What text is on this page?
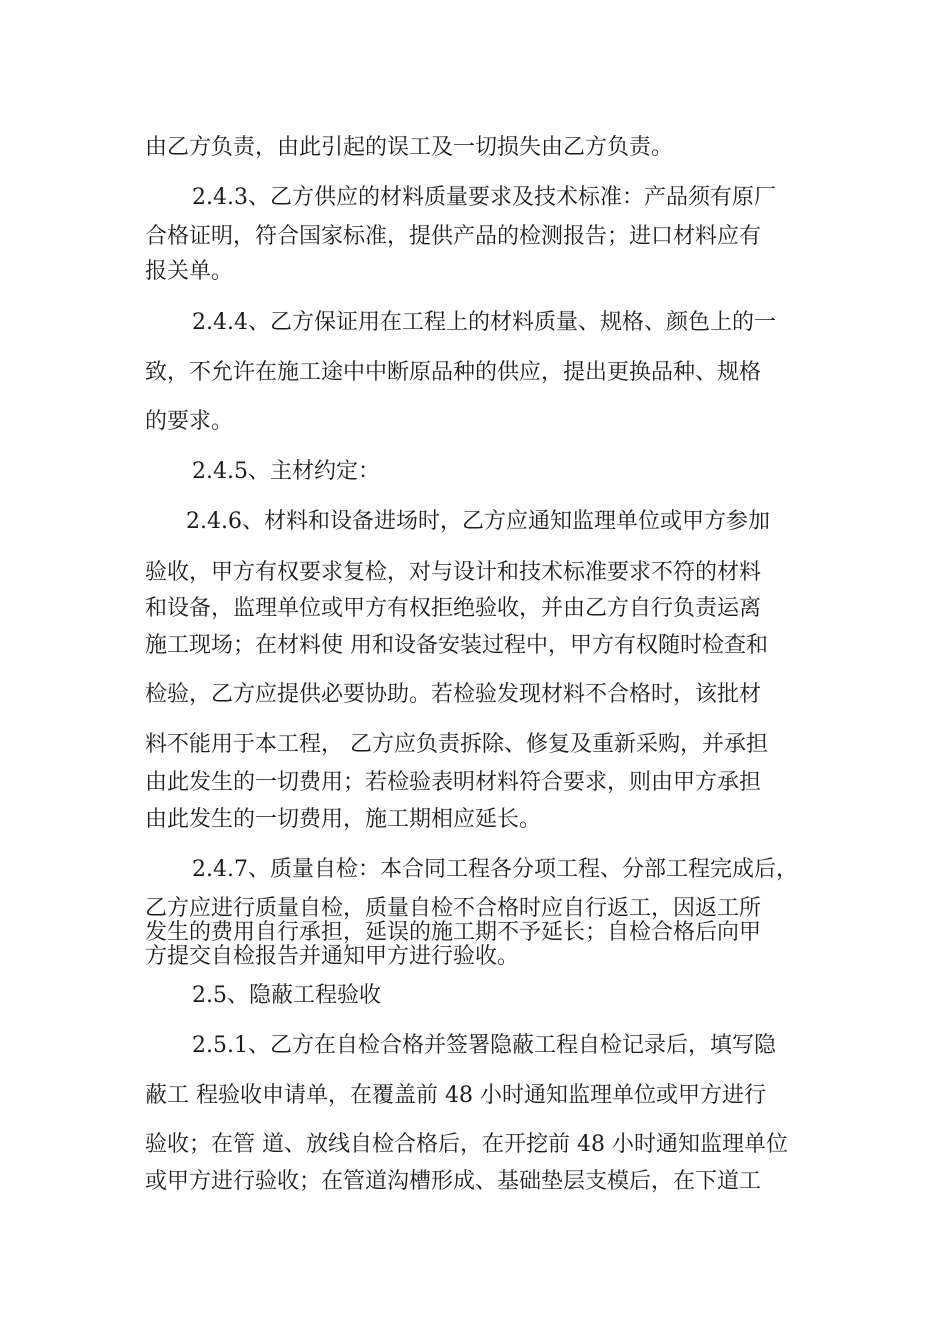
由乙方负责，由此引起的误工及一切损失由乙方负责。
2.4.3、乙方供应的材料质量要求及技术标准：产品须有原厂
合格证明，符合国家标准，提供产品的检测报告；进口材料应有
报关单。
2.4.4、乙方保证用在工程上的材料质量、规格、颜色上的一
致，不允许在施工途中中断原品种的供应，提出更换品种、规格
的要求。
2.4.5、主材约定：
2.4.6、材料和设备进场时，乙方应通知监理单位或甲方参加
验收，甲方有权要求复检，对与设计和技术标准要求不符的材料
和设备，监理单位或甲方有权拒绝验收，并由乙方自行负责运离
施工现场；在材料使 用和设备安装过程中，甲方有权随时检查和
检验，乙方应提供必要协助。若检验发现材料不合格时，该批材
料不能用于本工程， 乙方应负责拆除、修复及重新采购，并承担
由此发生的一切费用；若检验表明材料符合要求，则由甲方承担
由此发生的一切费用，施工期相应延长。
2.4.7、质量自检：本合同工程各分项工程、分部工程完成后，
乙方应进行质量自检，质量自检不合格时应自行返工，因返工所
发生的费用自行承担，延误的施工期不予延长；自检合格后向甲
方提交自检报告并通知甲方进行验收。
2.5、隐蔽工程验收
2.5.1、乙方在自检合格并签署隐蔽工程自检记录后，填写隐
蔽工 程验收申请单，在覆盖前 48 小时通知监理单位或甲方进行
验收；在管 道、放线自检合格后，在开挖前 48 小时通知监理单位
或甲方进行验收；在管道沟槽形成、基础垫层支模后，在下道工
